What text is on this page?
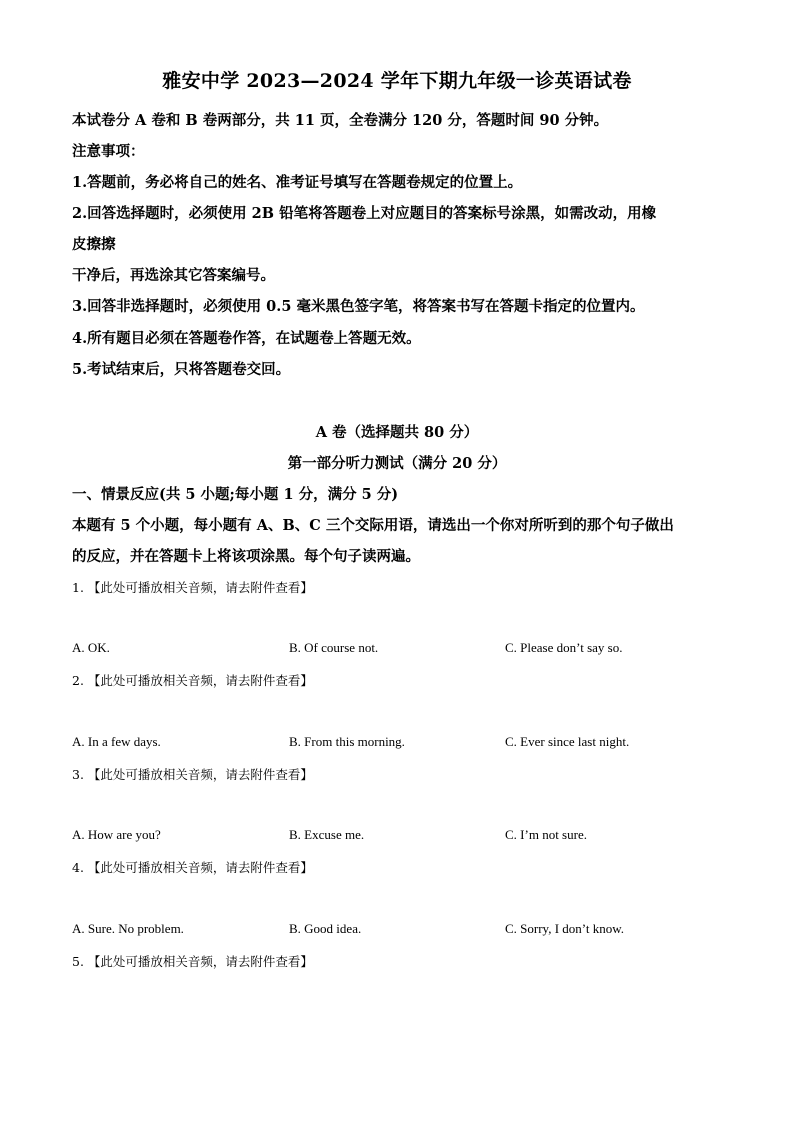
雅安中学 2023—2024 学年下期九年级一诊英语试卷
本试卷分 A 卷和 B 卷两部分，共 11 页，全卷满分 120 分，答题时间 90 分钟。
注意事项：
1.答题前，务必将自己的姓名、准考证号填写在答题卷规定的位置上。
2.回答选择题时，必须使用 2B 铅笔将答题卷上对应题目的答案标号涂黑，如需改动，用橡
皮擦擦
干净后，再选涂其它答案编号。
3.回答非选择题时，必须使用 0.5 毫米黑色签字笔，将答案书写在答题卡指定的位置内。
4.所有题目必须在答题卷作答，在试题卷上答题无效。
5.考试结束后，只将答题卷交回。
A 卷（选择题共 80 分）
第一部分听力测试（满分 20 分）
一、情景反应(共 5 小题;每小题 1 分，满分 5 分)
本题有 5 个小题，每小题有 A、B、C 三个交际用语，请选出一个你对所听到的那个句子做出
的反应，并在答题卡上将该项涂黑。每个句子读两遍。
1. 【此处可播放相关音频，请去附件查看】
A. OK.	B. Of course not.	C. Please don’t say so.
2. 【此处可播放相关音频，请去附件查看】
A. In a few days.	B. From this morning.	C. Ever since last night.
3. 【此处可播放相关音频，请去附件查看】
A. How are you?	B. Excuse me.	C. I’m not sure.
4. 【此处可播放相关音频，请去附件查看】
A. Sure. No problem.	B. Good idea.	C. Sorry, I don’t know.
5. 【此处可播放相关音频，请去附件查看】
